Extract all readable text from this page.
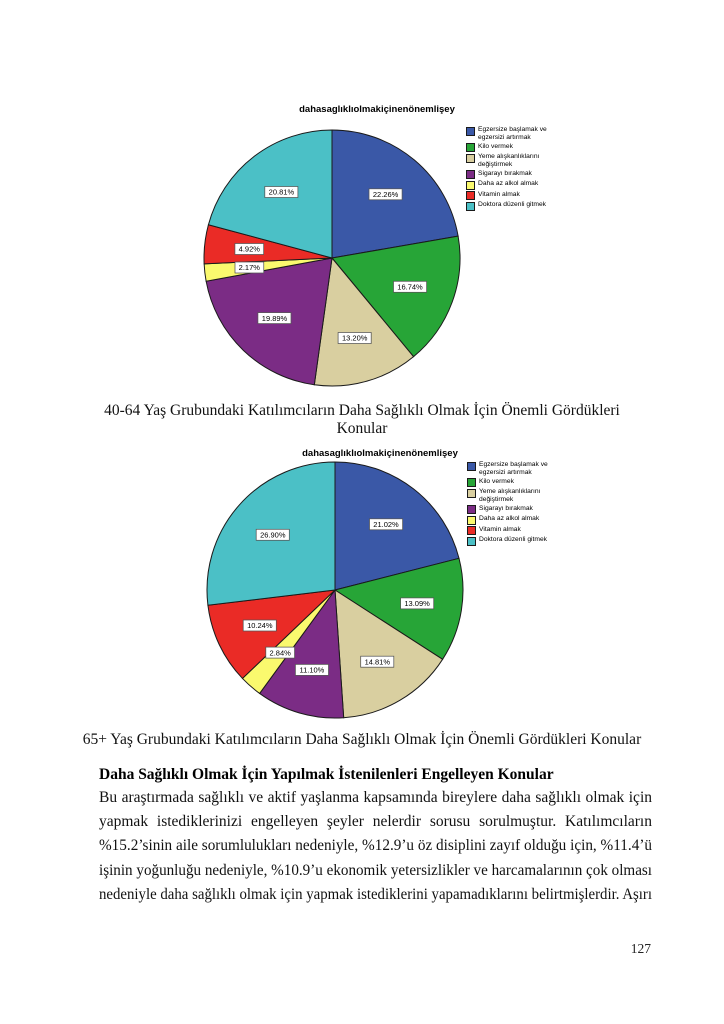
dahasaglıklıolmakiçinenönemlişey
22.26%
16.74%
13.20%
19.89%
2.17%
4.92%
20.81%
Egzersize başlamak ve egzersizi artırmak
Kilo vermek
Yeme alışkanlıklarını değiştirmek
Sigarayı bırakmak
Daha az alkol almak
Vitamin almak
Doktora düzenli gitmek
40-64 Yaş Grubundaki Katılımcıların Daha Sağlıklı Olmak İçin Önemli Gördükleri Konular
dahasaglıklıolmakiçinenönemlişey
21.02%
13.09%
14.81%
11.10%
2.84%
10.24%
26.90%
Egzersize başlamak ve egzersizi artırmak
Kilo vermek
Yeme alışkanlıklarını değiştirmek
Sigarayı bırakmak
Daha az alkol almak
Vitamin almak
Doktora düzenli gitmek
65+ Yaş Grubundaki Katılımcıların Daha Sağlıklı Olmak İçin Önemli Gördükleri Konular
Daha Sağlıklı Olmak İçin Yapılmak İstenilenleri Engelleyen Konular
Bu araştırmada sağlıklı ve aktif yaşlanma kapsamında bireylere daha sağlıklı olmak için
yapmak istediklerinizi engelleyen şeyler nelerdir sorusu sorulmuştur. Katılımcıların
%15.2’sinin aile sorumlulukları nedeniyle, %12.9’u öz disiplini zayıf olduğu için, %11.4’ü
işinin yoğunluğu nedeniyle, %10.9’u ekonomik yetersizlikler ve harcamalarının çok olması
nedeniyle daha sağlıklı olmak için yapmak istediklerini yapamadıklarını belirtmişlerdir. Aşırı
127
